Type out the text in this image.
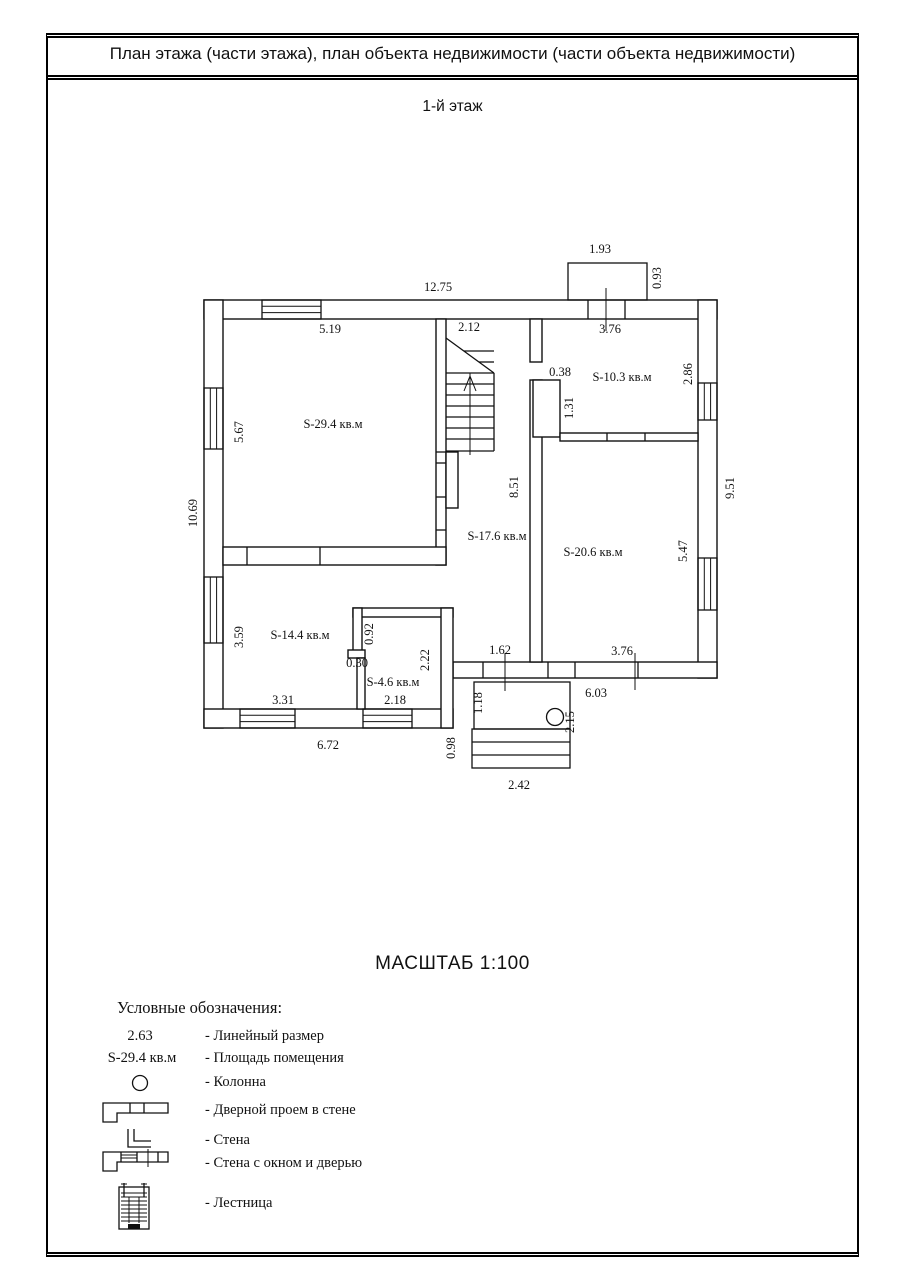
План этажа (части этажа), план объекта недвижимости (части объекта недвижимости)
1-й этаж
12.75
1.93
0.93
5.19	2.12	3.76
0.38 S-10.3 кв.м
S-29.4 кв.м
S-17.6 кв.м
S-20.6 кв.м
S-14.4 кв.м
S-4.6 кв.м
5.67
10.69
3.59	0.92
2.22
8.51
1.31
2.86
5.47
9.51
0.30
1.62	3.76
6.03
2.18
3.31
6.72	0.98
1.18
2.15
2.42
МАСШТАБ 1:100
Условные обозначения:
2.63	- Линейный размер
S-29.4 кв.м	- Площадь помещения
- Колонна
- Дверной проем в стене
- Стена
- Стена с окном и дверью
- Лестница
